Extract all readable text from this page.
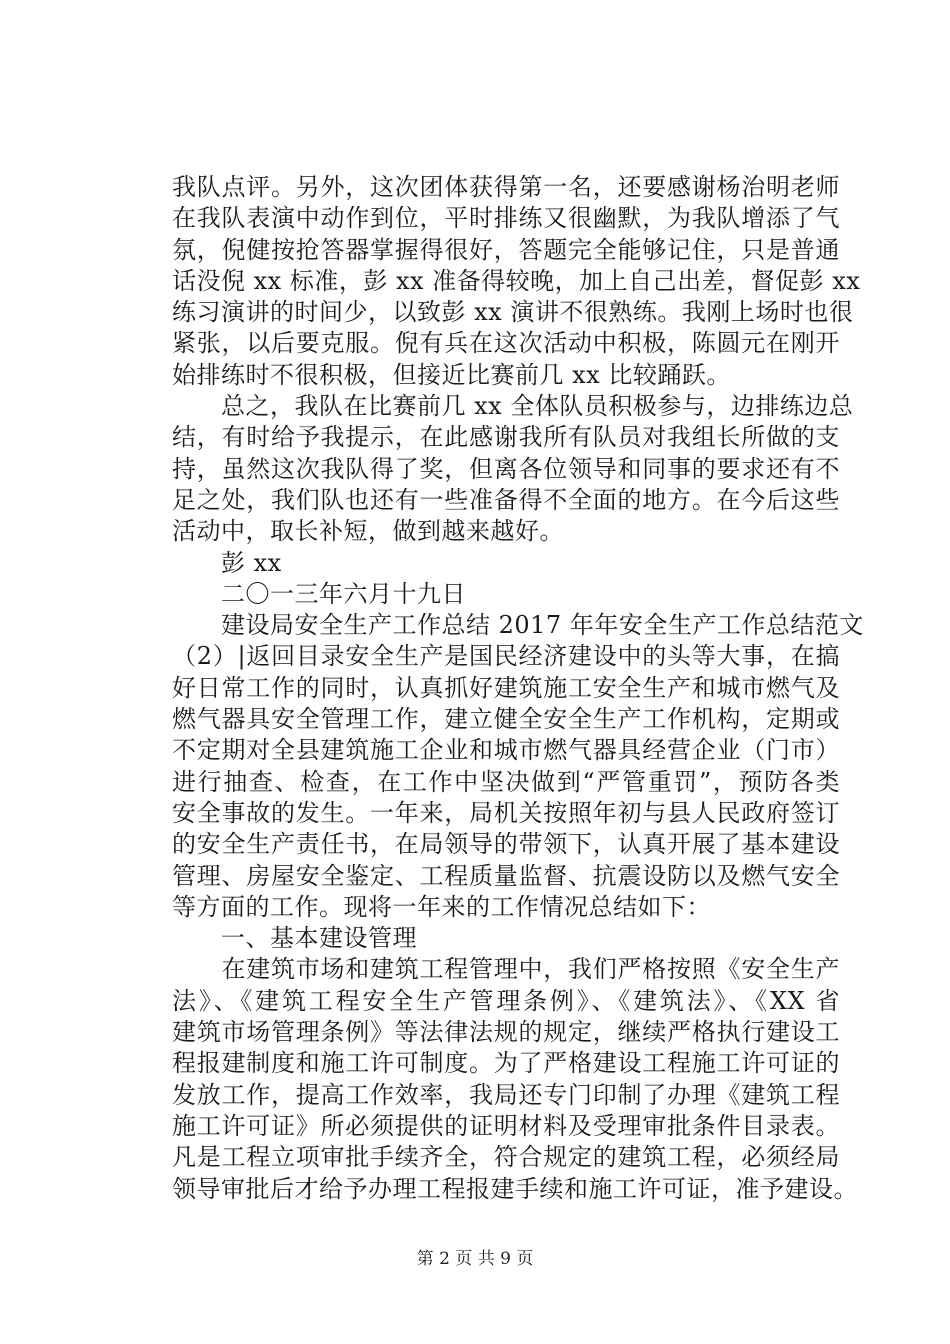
我队点评。另外，这次团体获得第一名，还要感谢杨治明老师
在我队表演中动作到位，平时排练又很幽默，为我队增添了气
氛，倪健按抢答器掌握得很好，答题完全能够记住，只是普通
话没倪 xx 标准，彭 xx 准备得较晚，加上自己出差，督促彭 xx
练习演讲的时间少，以致彭 xx 演讲不很熟练。我刚上场时也很
紧张，以后要克服。倪有兵在这次活动中积极，陈圆元在刚开
始排练时不很积极，但接近比赛前几 xx 比较踊跃。
　　总之，我队在比赛前几 xx 全体队员积极参与，边排练边总
结，有时给予我提示，在此感谢我所有队员对我组长所做的支
持，虽然这次我队得了奖，但离各位领导和同事的要求还有不
足之处，我们队也还有一些准备得不全面的地方。在今后这些
活动中，取长补短，做到越来越好。
　　彭 xx
　　二〇一三年六月十九日
　　建设局安全生产工作总结 2017 年年安全生产工作总结范文
（2）|返回目录安全生产是国民经济建设中的头等大事，在搞
好日常工作的同时，认真抓好建筑施工安全生产和城市燃气及
燃气器具安全管理工作，建立健全安全生产工作机构，定期或
不定期对全县建筑施工企业和城市燃气器具经营企业（门市）
进行抽查、检查，在工作中坚决做到“严管重罚”，预防各类
安全事故的发生。一年来，局机关按照年初与县人民政府签订
的安全生产责任书，在局领导的带领下，认真开展了基本建设
管理、房屋安全鉴定、工程质量监督、抗震设防以及燃气安全
等方面的工作。现将一年来的工作情况总结如下：
　　一、基本建设管理
　　在建筑市场和建筑工程管理中，我们严格按照《安全生产
法》、《建筑工程安全生产管理条例》、《建筑法》、《XX 省
建筑市场管理条例》等法律法规的规定，继续严格执行建设工
程报建制度和施工许可制度。为了严格建设工程施工许可证的
发放工作，提高工作效率，我局还专门印制了办理《建筑工程
施工许可证》所必须提供的证明材料及受理审批条件目录表。
凡是工程立项审批手续齐全，符合规定的建筑工程，必须经局
领导审批后才给予办理工程报建手续和施工许可证，准予建设。
第 2 页 共 9 页
